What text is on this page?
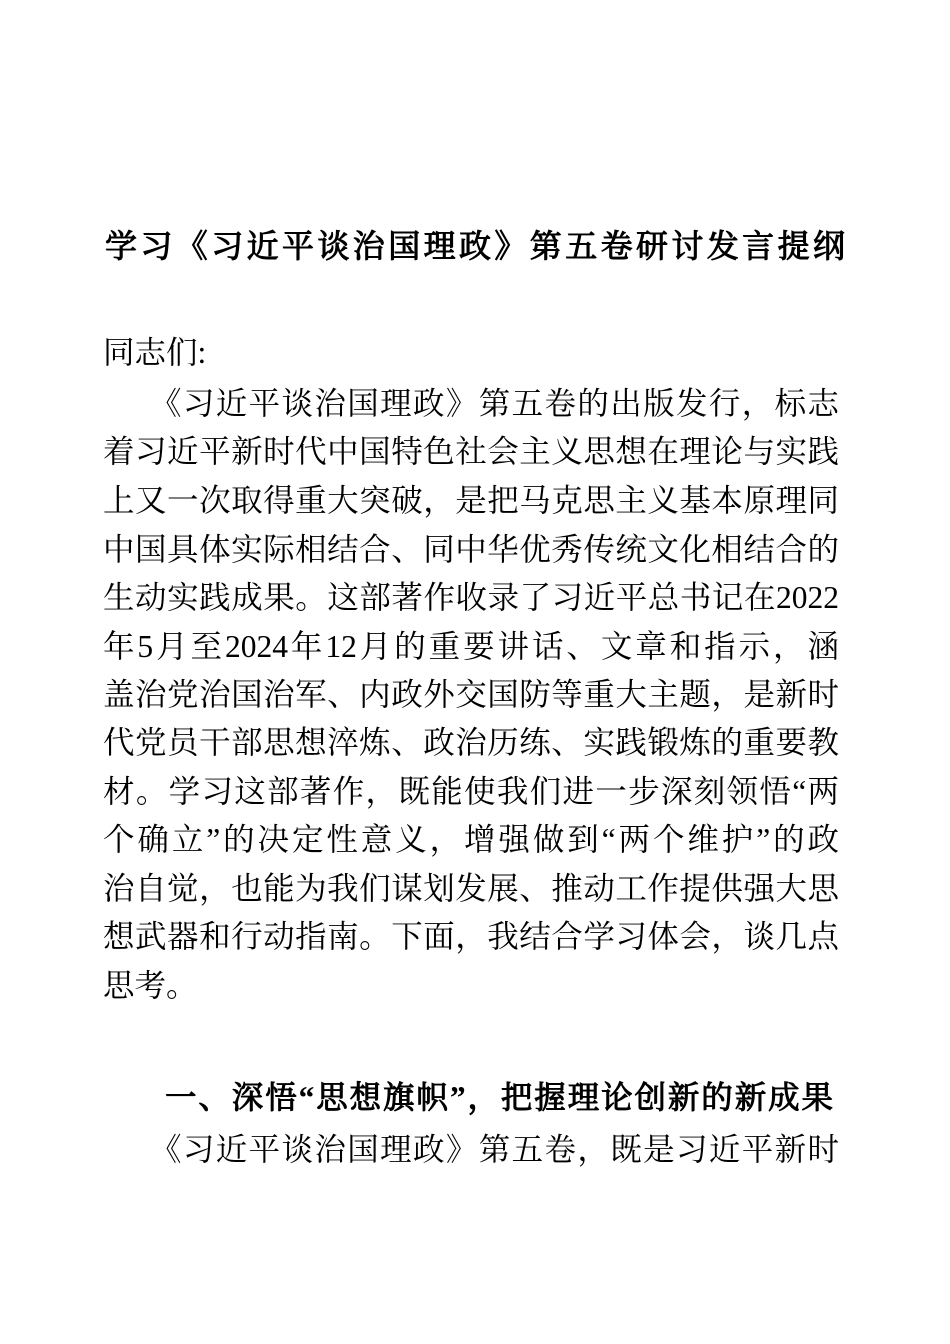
学习《习近平谈治国理政》第五卷研讨发言提纲
同志们:
《习近平谈治国理政》第五卷的出版发行，标志
着习近平新时代中国特色社会主义思想在理论与实践
上又一次取得重大突破，是把马克思主义基本原理同
中国具体实际相结合、同中华优秀传统文化相结合的
生动实践成果。这部著作收录了习近平总书记在2022
年5月至2024年12月的重要讲话、文章和指示，涵
盖治党治国治军、内政外交国防等重大主题，是新时
代党员干部思想淬炼、政治历练、实践锻炼的重要教
材。学习这部著作，既能使我们进一步深刻领悟“两
个确立”的决定性意义，增强做到“两个维护”的政
治自觉，也能为我们谋划发展、推动工作提供强大思
想武器和行动指南。下面，我结合学习体会，谈几点
思考。
一、深悟“思想旗帜”，把握理论创新的新成果
《习近平谈治国理政》第五卷，既是习近平新时
